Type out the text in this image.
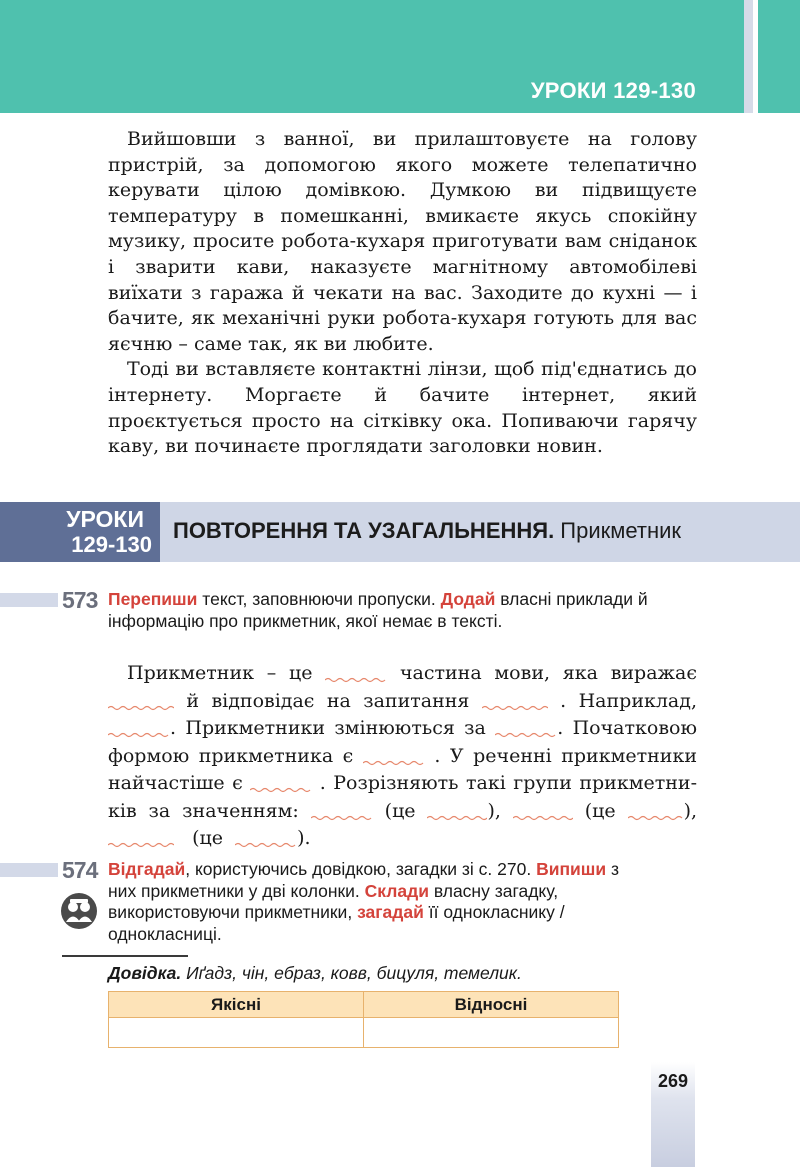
УРОКИ 129-130

Вийшовши з ванної, ви прилаштовуєте на голову пристрій, за допомогою якого можете телепатично керувати цілою домівкою. Думкою ви підвищуєте температуру в помешканні, вмикаєте якусь спокійну музику, просите робота-кухаря приготувати вам сніданок і зварити кави, наказуєте магнітному автомобілеві виїхати з гаража й чекати на вас. Заходите до кухні — і бачите, як механічні руки робота-кухаря готують для вас яєчню – саме так, як ви любите.

Тоді ви вставляєте контактні лінзи, щоб під'єднатись до інтернету. Моргаєте й бачите інтернет, який проєктується просто на сітківку ока. Попиваючи гарячу каву, ви починаєте проглядати заголовки новин.

УРОКИ
129-130
ПОВТОРЕННЯ ТА УЗАГАЛЬНЕННЯ. Прикметник
573 Перепиши текст, заповнюючи пропуски. Додай власні приклади й інформацію про прикметник, якої немає в тексті.
Прикметник – це	частина мови, яка виражає
й відповідає на запитання	. Наприклад,
. Прикметники змінюються за	. Початковою
формою прикметника є	. У реченні прикметники
найчастіше є	. Розрізняють такі групи прикметни-
ків за значенням:	(це	),	(це	),
(це	).
574 Відгадай, користуючись довідкою, загадки зі с. 270. Випиши з них прикметники у дві колонки. Склади власну загадку, використовуючи прикметники, загадай її однокласнику / однокласниці.
Довідка. Иґадз, чін, ебраз, ковв, бицуля, темелик.
Якісні	Відносні

269
